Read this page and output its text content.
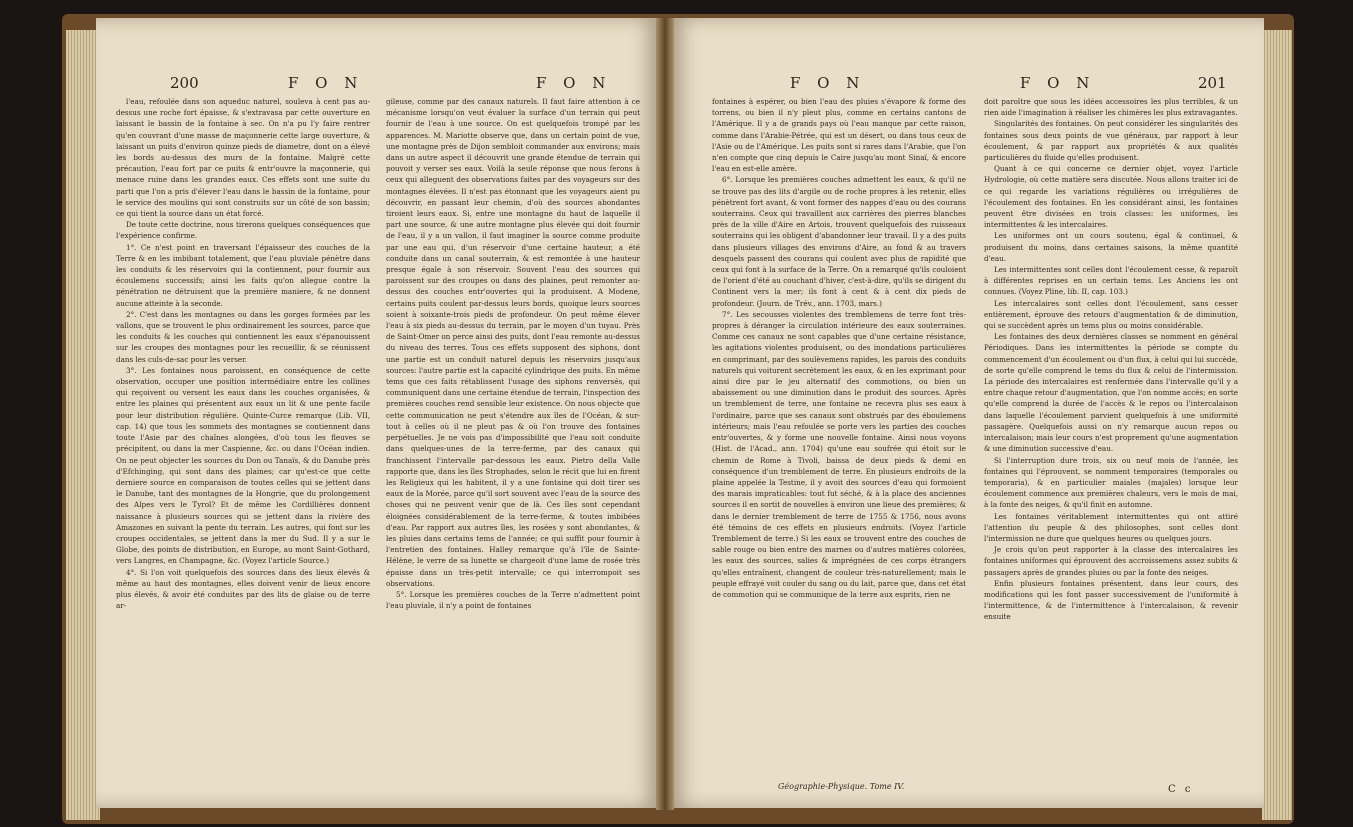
200	F O N	F O N

l'eau, refoulée dans son aqueduc naturel, souleva à cent pas au-dessus une roche fort épaisse, & s'extravasa par cette ouverture en laissant le bassin de la fontaine à sec. On n'a pu l'y faire rentrer qu'en couvrant d'une masse de maçonnerie cette large ouverture, & laissant un puits d'environ quinze pieds de diametre, dont on a élevé les bords au-dessus des murs de la fontaine. Malgré cette précaution, l'eau fort par ce puits & entr'ouvre la maçonnerie, qui menace ruine dans les grandes eaux. Ces effets sont une suite du parti que l'on a pris d'élever l'eau dans le bassin de la fontaine, pour le service des moulins qui sont construits sur un côté de son bassin; ce qui tient la source dans un état forcé.

De toute cette doctrine, nous tirerons quelques conséquences que l'expérience confirme.

1°. Ce n'est point en traversant l'épaisseur des couches de la Terre & en les imbibant totalement, que l'eau pluviale pénètre dans les conduits & les réservoirs qui la contiennent, pour fournir aux écoulemens successifs; ainsi les faits qu'on allegue contre la pénétration ne détruisent que la première maniere, & ne donnent aucune atteinte à la seconde.

2°. C'est dans les montagnes ou dans les gorges formées par les vallons, que se trouvent le plus ordinairement les sources, parce que les conduits & les couches qui contiennent les eaux s'épanouissent sur les croupes des montagnes pour les recueillir, & se réunissent dans les culs-de-sac pour les verser.

3°. Les fontaines nous paroissent, en conséquence de cette observation, occuper une position intermédiaire entre les collines qui reçoivent ou versent les eaux dans les couches organisées, & entre les plaines qui présentent aux eaux un lit & une pente facile pour leur distribution régulière. Quinte-Curce remarque (Lib. VII, cap. 14) que tous les sommets des montagnes se contiennent dans toute l'Asie par des chaînes alongées, d'où tous les fleuves se précipitent, ou dans la mer Caspienne, &c. ou dans l'Océan indien. On ne peut objecter les sources du Don ou Tanaïs, & du Danube près d'Efchinging, qui sont dans des plaines; car qu'est-ce que cette derniere source en comparaison de toutes celles qui se jettent dans le Danube, tant des montagnes de la Hongrie, que du prolongement des Alpes vers le Tyrol? Et de même les Cordillières donnent naissance à plusieurs sources qui se jettent dans la rivière des Amazones en suivant la pente du terrain. Les autres, qui font sur les croupes occidentales, se jettent dans la mer du Sud. Il y a sur le Globe, des points de distribution, en Europe, au mont Saint-Gothard, vers Langres, en Champagne, &c. (Voyez l'article Source.)

4°. Si l'on voit quelquefois des sources dans des lieux élevés & même au haut des montagnes, elles doivent venir de lieux encore plus élevés, & avoir été conduites par des lits de glaise ou de terre ar-

gileuse, comme par des canaux naturels. Il faut faire attention à ce mécanisme lorsqu'on veut évaluer la surface d'un terrain qui peut fournir de l'eau à une source. On est quelquefois trompé par les apparences. M. Mariotte observe que, dans un certain point de vue, une montagne près de Dijon sembloit commander aux environs; mais dans un autre aspect il découvrit une grande étendue de terrain qui pouvoit y verser ses eaux. Voilà la seule réponse que nous ferons à ceux qui alleguent des observations faites par des voyageurs sur des montagnes élevées. Il n'est pas étonnant que les voyageurs aient pu découvrir, en passant leur chemin, d'où des sources abondantes tiroient leurs eaux. Si, entre une montagne du haut de laquelle il part une source, & une autre montagne plus élevée qui doit fournir de l'eau, il y a un vallon, il faut imaginer la source comme produite par une eau qui, d'un réservoir d'une certaine hauteur, a été conduite dans un canal souterrain, & est remontée à une hauteur presque égale à son réservoir. Souvent l'eau des sources qui paroissent sur des croupes ou dans des plaines, peut remonter au-dessus des couches entr'ouvertes qui la produisent. A Modene, certains puits coulent par-dessus leurs bords, quoique leurs sources soient à soixante-trois pieds de profondeur. On peut même élever l'eau à six pieds au-dessus du terrain, par le moyen d'un tuyau. Près de Saint-Omer on perce ainsi des puits, dont l'eau remonte au-dessus du niveau des terres. Tous ces effets supposent des siphons, dont une partie est un conduit naturel depuis les réservoirs jusqu'aux sources: l'autre partie est la capacité cylindrique des puits. En même tems que ces faits rétablissent l'usage des siphons renversés, qui communiquent dans une certaine étendue de terrain, l'inspection des premières couches rend sensible leur existence. On nous objecte que cette communication ne peut s'étendre aux îles de l'Océan, & sur-tout à celles où il ne pleut pas & où l'on trouve des fontaines perpétuelles. Je ne vois pas d'impossibilité que l'eau soit conduite dans quelques-unes de la terre-ferme, par des canaux qui franchissent l'intervalle par-dessous les eaux. Pietro della Valle rapporte que, dans les îles Strophades, selon le récit que lui en firent les Religieux qui les habitent, il y a une fontaine qui doit tirer ses eaux de la Morée, parce qu'il sort souvent avec l'eau de la source des choses qui ne peuvent venir que de là. Ces îles sont cependant éloignées considérablement de la terre-ferme, & toutes imbibées d'eau. Par rapport aux autres îles, les rosées y sont abondantes, & les pluies dans certains tems de l'année; ce qui suffit pour fournir à l'entretien des fontaines. Halley remarque qu'à l'île de Sainte-Hélène, le verre de sa lunette se chargeoit d'une lame de rosée très épaisse dans un très-petit intervalle; ce qui interrompoit ses observations.

5°. Lorsque les premières couches de la Terre n'admettent point l'eau pluviale, il n'y a point de fontaines

F O N	F O N	201

fontaines à espérer, ou bien l'eau des pluies s'évapore & forme des torrens, ou bien il n'y pleut plus, comme en certains cantons de l'Amérique. Il y a de grands pays où l'eau manque par cette raison, comme dans l'Arabie-Pétrée, qui est un désert, ou dans tous ceux de l'Asie ou de l'Amérique. Les puits sont si rares dans l'Arabie, que l'on n'en compte que cinq depuis le Caire jusqu'au mont Sinaï, & encore l'eau en est-elle amère.

6°. Lorsque les premières couches admettent les eaux, & qu'il ne se trouve pas des lits d'argile ou de roche propres à les retenir, elles pénètrent fort avant, & vont former des nappes d'eau ou des courans souterrains. Ceux qui travaillent aux carrières des pierres blanches près de la ville d'Aire en Artois, trouvent quelquefois des ruisseaux souterrains qui les obligent d'abandonner leur travail. Il y a des puits dans plusieurs villages des environs d'Aire, au fond & au travers desquels passent des courans qui coulent avec plus de rapidité que ceux qui font à la surface de la Terre. On a remarqué qu'ils couloient de l'orient d'été au couchant d'hiver, c'est-à-dire, qu'ils se dirigent du Continent vers la mer; ils font à cent & à cent dix pieds de profondeur. (Journ. de Trév., ann. 1703, mars.)

7°. Les secousses violentes des tremblemens de terre font très-propres à déranger la circulation intérieure des eaux souterraines. Comme ces canaux ne sont capables que d'une certaine résistance, les agitations violentes produisent, ou des inondations particulières en comprimant, par des soulèvemens rapides, les parois des conduits naturels qui voiturent secrètement les eaux, & en les exprimant pour ainsi dire par le jeu alternatif des commotions, ou bien un abaissement ou une diminution dans le produit des sources. Après un tremblement de terre, une fontaine ne recevra plus ses eaux à l'ordinaire, parce que ses canaux sont obstrués par des éboulemens intérieurs; mais l'eau refoulée se porte vers les parties des couches entr'ouvertes, & y forme une nouvelle fontaine. Ainsi nous voyons (Hist. de l'Acad., ann. 1704) qu'une eau soufrée qui étoit sur le chemin de Rome à Tivoli, baissa de deux pieds & demi en conséquence d'un tremblement de terre. En plusieurs endroits de la plaine appelée la Testine, il y avoit des sources d'eau qui formoient des marais impraticables: tout fut séché, & à la place des anciennes sources il en sortit de nouvelles à environ une lieue des premières; & dans le dernier tremblement de terre de 1755 & 1756, nous avons été témoins de ces effets en plusieurs endroits. (Voyez l'article Tremblement de terre.) Si les eaux se trouvent entre des couches de sable rouge ou bien entre des marnes ou d'autres matières colorées, les eaux des sources, salies & imprégnées de ces corps étrangers qu'elles entraînent, changent de couleur très-naturellement; mais le peuple effrayé voit couler du sang ou du lait, parce que, dans cet état de commotion qui se communique de la terre aux esprits, rien ne

doit paroître que sous les idées accessoires les plus terribles, & un rien aide l'imagination à réaliser les chimères les plus extravagantes.

Singularités des fontaines. On peut considérer les singularités des fontaines sous deux points de vue généraux, par rapport à leur écoulement, & par rapport aux propriétés & aux qualités particulières du fluide qu'elles produisent.

Quant à ce qui concerne ce dernier objet, voyez l'article Hydrologie, où cette matière sera discutée. Nous allons traiter ici de ce qui regarde les variations régulières ou irrégulières de l'écoulement des fontaines. En les considérant ainsi, les fontaines peuvent être divisées en trois classes: les uniformes, les intermittentes & les intercalaires.

Les uniformes ont un cours soutenu, égal & continuel, & produisent du moins, dans certaines saisons, la même quantité d'eau.

Les intermittentes sont celles dont l'écoulement cesse, & reparoît à différentes reprises en un certain tems. Les Anciens les ont connues. (Voyez Pline, lib. II, cap. 103.)

Les intercalaires sont celles dont l'écoulement, sans cesser entièrement, éprouve des retours d'augmentation & de diminution, qui se succèdent après un tems plus ou moins considérable.

Les fontaines des deux dernières classes se nomment en général Périodiques. Dans les intermittentes la période se compte du commencement d'un écoulement ou d'un flux, à celui qui lui succède, de sorte qu'elle comprend le tems du flux & celui de l'intermission. La période des intercalaires est renfermée dans l'intervalle qu'il y a entre chaque retour d'augmentation, que l'on nomme accès; en sorte qu'elle comprend la durée de l'accès & le repos ou l'intercalaison dans laquelle l'écoulement parvient quelquefois à une uniformité passagère. Quelquefois aussi on n'y remarque aucun repos ou intercalaison; mais leur cours n'est proprement qu'une augmentation & une diminution successive d'eau.

Si l'interruption dure trois, six ou neuf mois de l'année, les fontaines qui l'éprouvent, se nomment temporaires (temporales ou temporaria), & en particulier maiales (majales) lorsque leur écoulement commence aux premières chaleurs, vers le mois de mai, à la fonte des neiges, & qu'il finit en automne.

Les fontaines véritablement intermittentes qui ont attiré l'attention du peuple & des philosophes, sont celles dont l'intermission ne dure que quelques heures ou quelques jours.

Je crois qu'on peut rapporter à la classe des intercalaires les fontaines uniformes qui éprouvent des accroissemens assez subits & passagers après de grandes pluies ou par la fonte des neiges.

Enfin plusieurs fontaines présentent, dans leur cours, des modifications qui les font passer successivement de l'uniformité à l'intermittence, & de l'intermittence à l'intercalaison, & revenir ensuite

Géographie-Physique. Tome IV.	C c
